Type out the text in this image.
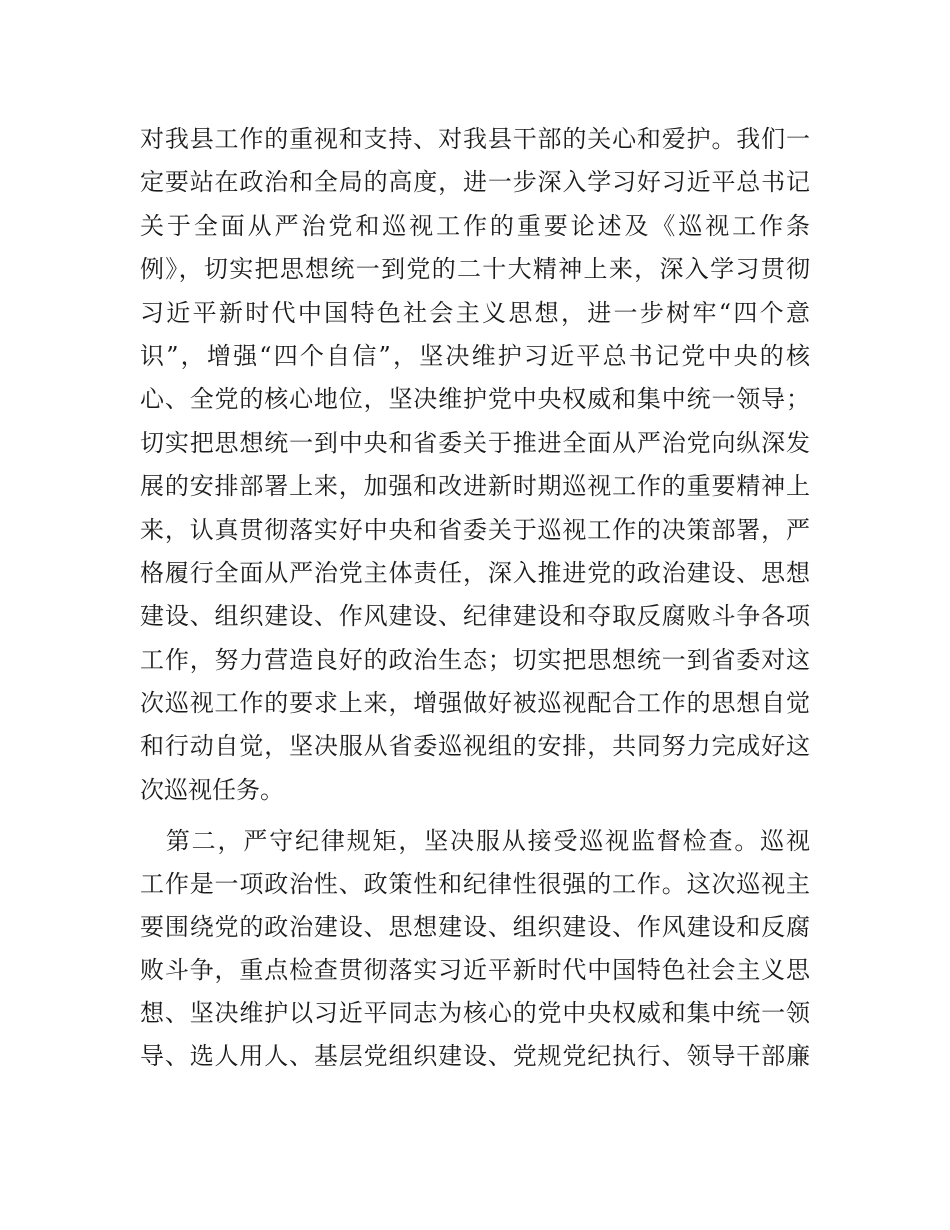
对我县工作的重视和支持、对我县干部的关心和爱护。我们一
定要站在政治和全局的高度，进一步深入学习好习近平总书记
关于全面从严治党和巡视工作的重要论述及《巡视工作条
例》，切实把思想统一到党的二十大精神上来，深入学习贯彻
习近平新时代中国特色社会主义思想，进一步树牢“四个意
识”，增强“四个自信”，坚决维护习近平总书记党中央的核
心、全党的核心地位，坚决维护党中央权威和集中统一领导；
切实把思想统一到中央和省委关于推进全面从严治党向纵深发
展的安排部署上来，加强和改进新时期巡视工作的重要精神上
来，认真贯彻落实好中央和省委关于巡视工作的决策部署，严
格履行全面从严治党主体责任，深入推进党的政治建设、思想
建设、组织建设、作风建设、纪律建设和夺取反腐败斗争各项
工作，努力营造良好的政治生态；切实把思想统一到省委对这
次巡视工作的要求上来，增强做好被巡视配合工作的思想自觉
和行动自觉，坚决服从省委巡视组的安排，共同努力完成好这
次巡视任务。
　第二，严守纪律规矩，坚决服从接受巡视监督检查。巡视
工作是一项政治性、政策性和纪律性很强的工作。这次巡视主
要围绕党的政治建设、思想建设、组织建设、作风建设和反腐
败斗争，重点检查贯彻落实习近平新时代中国特色社会主义思
想、坚决维护以习近平同志为核心的党中央权威和集中统一领
导、选人用人、基层党组织建设、党规党纪执行、领导干部廉
